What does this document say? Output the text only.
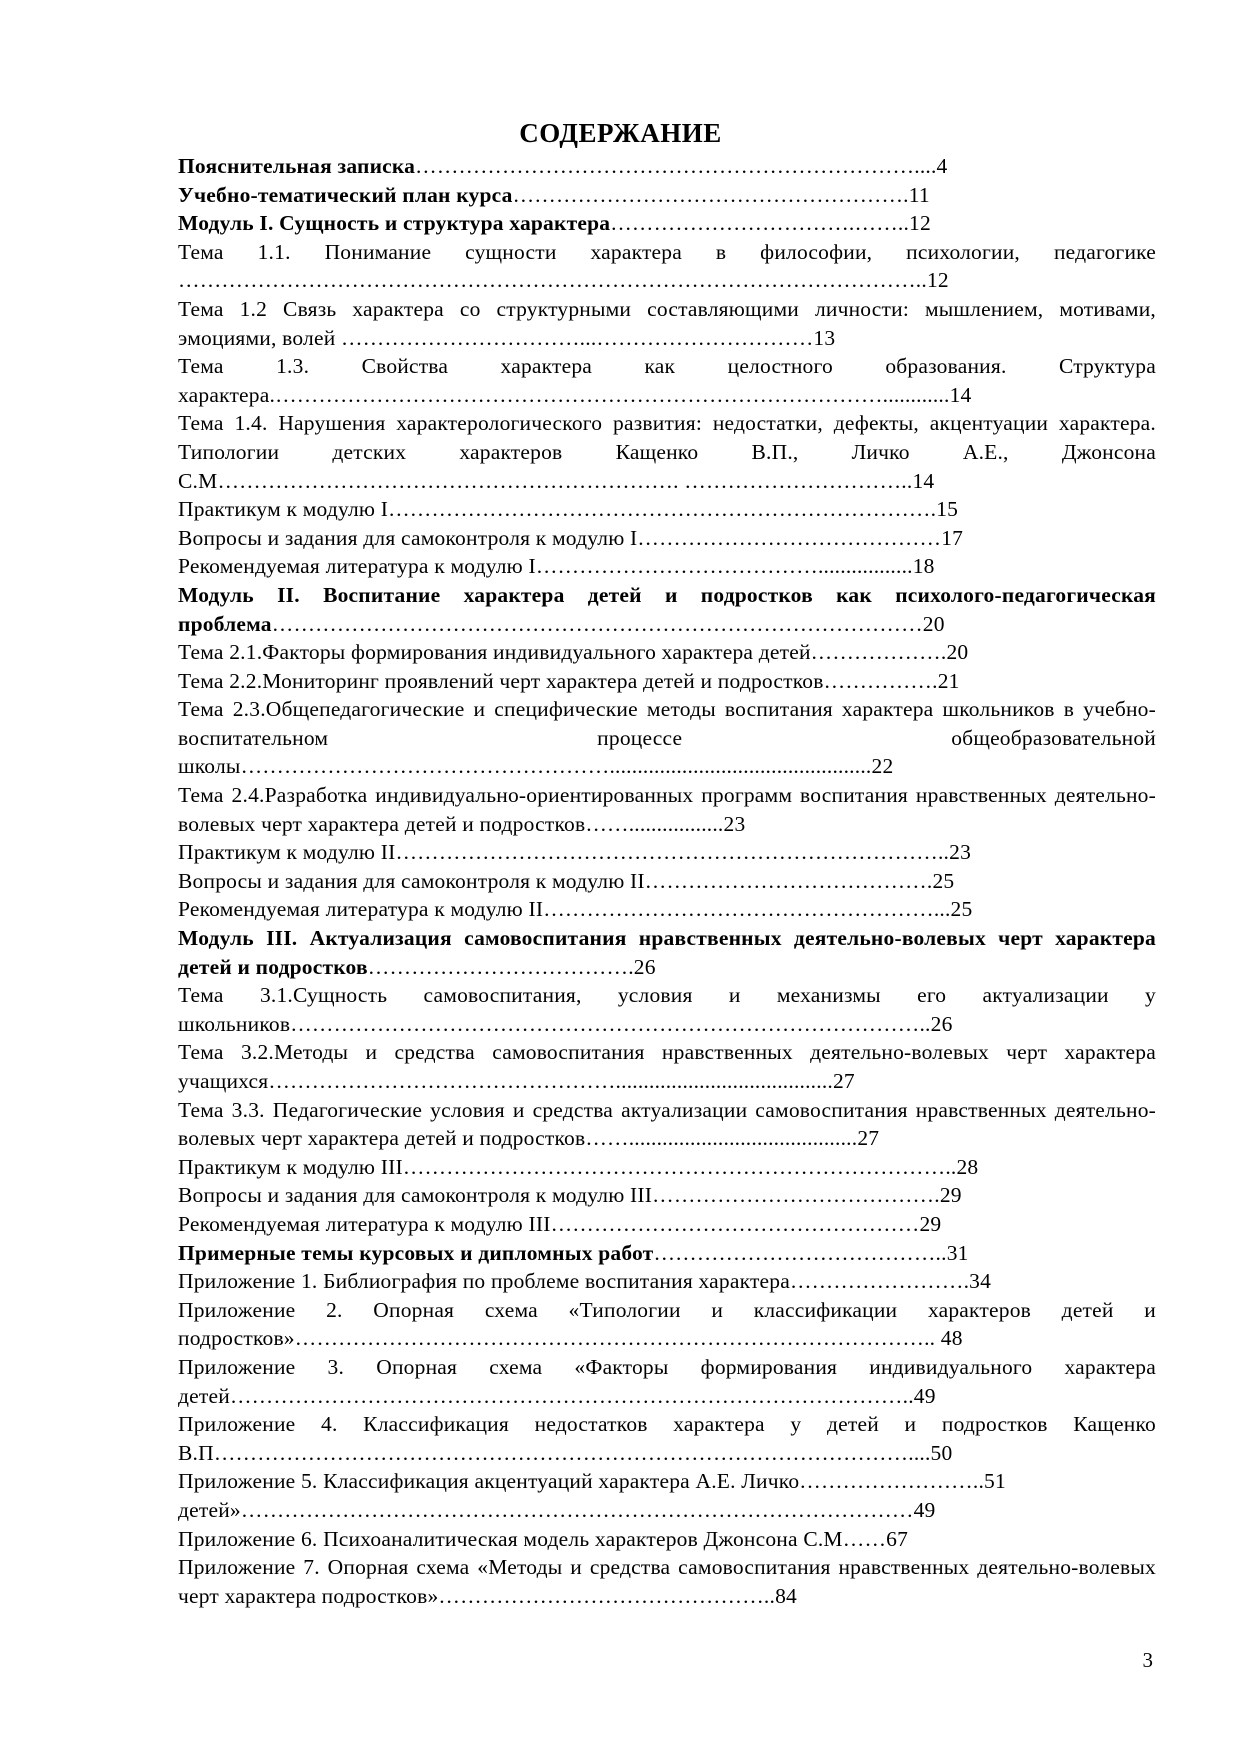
СОДЕРЖАНИЕ

Пояснительная записка……………………………………………………………....4

Учебно-тематический план курса……………………………………………….11

Модуль I. Сущность и структура характера…………………………….……..12

Тема 1.1. Понимание сущности характера в философии, психологии, педагогике …………………………………………………………………………………………..12

Тема 1.2 Связь характера со структурными составляющими личности: мышлением, мотивами, эмоциями, волей ……………………………...…………………………13

Тема 1.3. Свойства характера как целостного образования. Структура характера.…………………………………………………………………………............14

Тема 1.4. Нарушения характерологического развития: недостатки, дефекты, акцентуации характера. Типологии детских характеров Кащенко В.П., Личко А.Е., Джонсона С.М………………………………………………………. …………………………..14

Практикум к модулю I………………………………………………………………….15

Вопросы и задания для самоконтроля к модулю I……………………………………17

Рекомендуемая литература к модулю I………………………………….................18

Модуль II. Воспитание характера детей и подростков как психолого-педагогическая проблема………………………………………………………………………………20

Тема 2.1.Факторы формирования индивидуального характера детей……………….20

Тема 2.2.Мониторинг проявлений черт характера детей и подростков…………….21

Тема 2.3.Общепедагогические и специфические методы воспитания характера школьников в учебно-воспитательном процессе общеобразовательной школы……………………………………………...............................................22

Тема 2.4.Разработка индивидуально-ориентированных программ воспитания нравственных деятельно-волевых черт характера детей и подростков…….................23

Практикум к модулю II…………………………………………………………………..23

Вопросы и задания для самоконтроля к модулю II………………………………….25

Рекомендуемая литература к модулю II………………………………………………...25

Модуль III. Актуализация самовоспитания нравственных деятельно-волевых черт характера детей и подростков……………………………….26

Тема 3.1.Сущность самовоспитания, условия и механизмы его актуализации у школьников……………………………………………………………………………..26

Тема 3.2.Методы и средства самовоспитания нравственных деятельно-волевых черт характера учащихся………………………………………….......................................27

Тема 3.3. Педагогические условия и средства актуализации самовоспитания нравственных деятельно-волевых черт характера детей и подростков…….........................................27

Практикум к модулю III…………………………………………………………………..28

Вопросы и задания для самоконтроля к модулю III………………………………….29

Рекомендуемая литература к модулю III……………………………………………29

Примерные темы курсовых и дипломных работ…………………………………..31

Приложение 1. Библиография по проблеме воспитания характера…………………….34

Приложение 2. Опорная схема «Типологии и классификации характеров детей и подростков»…………………………………………………………………………….. 48

Приложение 3. Опорная схема «Факторы формирования индивидуального характера детей…………………………………………………………………………………..49

Приложение 4. Классификация недостатков характера у детей и подростков Кащенко В.П……………………………………………………………………………………....50

Приложение 5. Классификация акцентуаций характера А.Е. Личко……………………..51

детей»…………………………………………………………………………………49

Приложение 6. Психоаналитическая модель характеров Джонсона С.М……67

Приложение 7. Опорная схема «Методы и средства самовоспитания нравственных деятельно-волевых черт характера подростков»………………………………………..84

3
